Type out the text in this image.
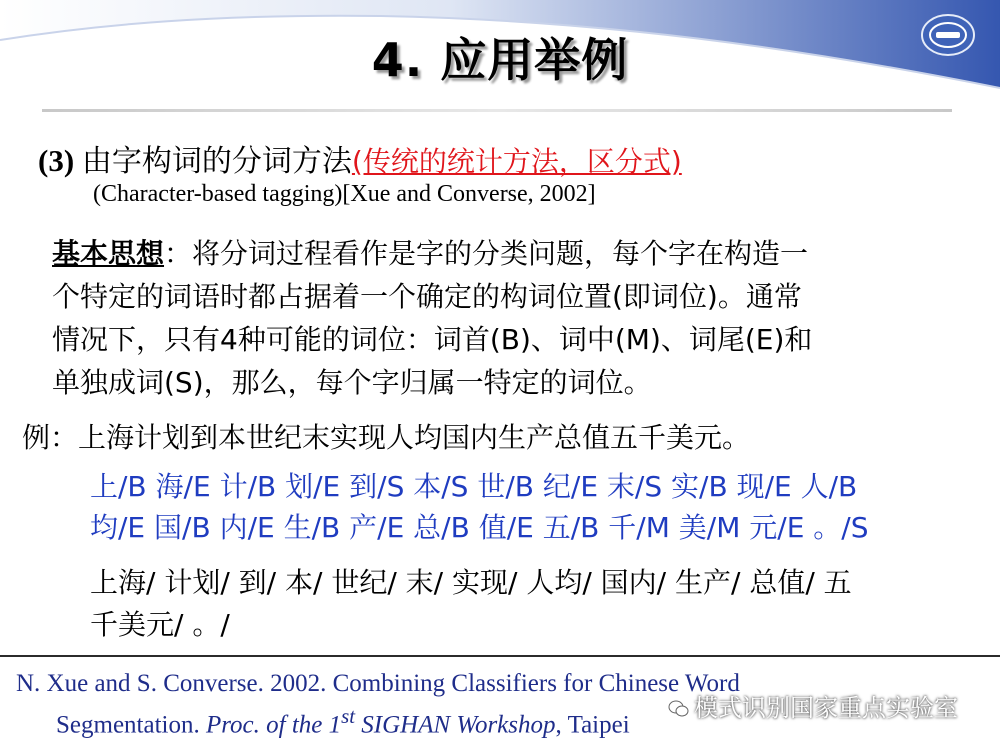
4. 应用举例
(3) 由字构词的分词方法(传统的统计方法，区分式)
(Character-based tagging)[Xue and Converse, 2002]
基本思想：将分词过程看作是字的分类问题，每个字在构造一
个特定的词语时都占据着一个确定的构词位置(即词位)。通常
情况下，只有4种可能的词位：词首(B)、词中(M)、词尾(E)和
单独成词(S)，那么，每个字归属一特定的词位。
例：上海计划到本世纪末实现人均国内生产总值五千美元。
上/B 海/E 计/B 划/E 到/S 本/S 世/B 纪/E 末/S 实/B 现/E 人/B
均/E 国/B 内/E 生/B 产/E 总/B 值/E 五/B 千/M 美/M 元/E 。/S
上海/ 计划/ 到/ 本/ 世纪/ 末/ 实现/ 人均/ 国内/ 生产/ 总值/ 五
千美元/ 。/
N. Xue and S. Converse. 2002. Combining Classifiers for Chinese Word
Segmentation. Proc. of the 1st SIGHAN Workshop, Taipei
模式识别国家重点实验室
